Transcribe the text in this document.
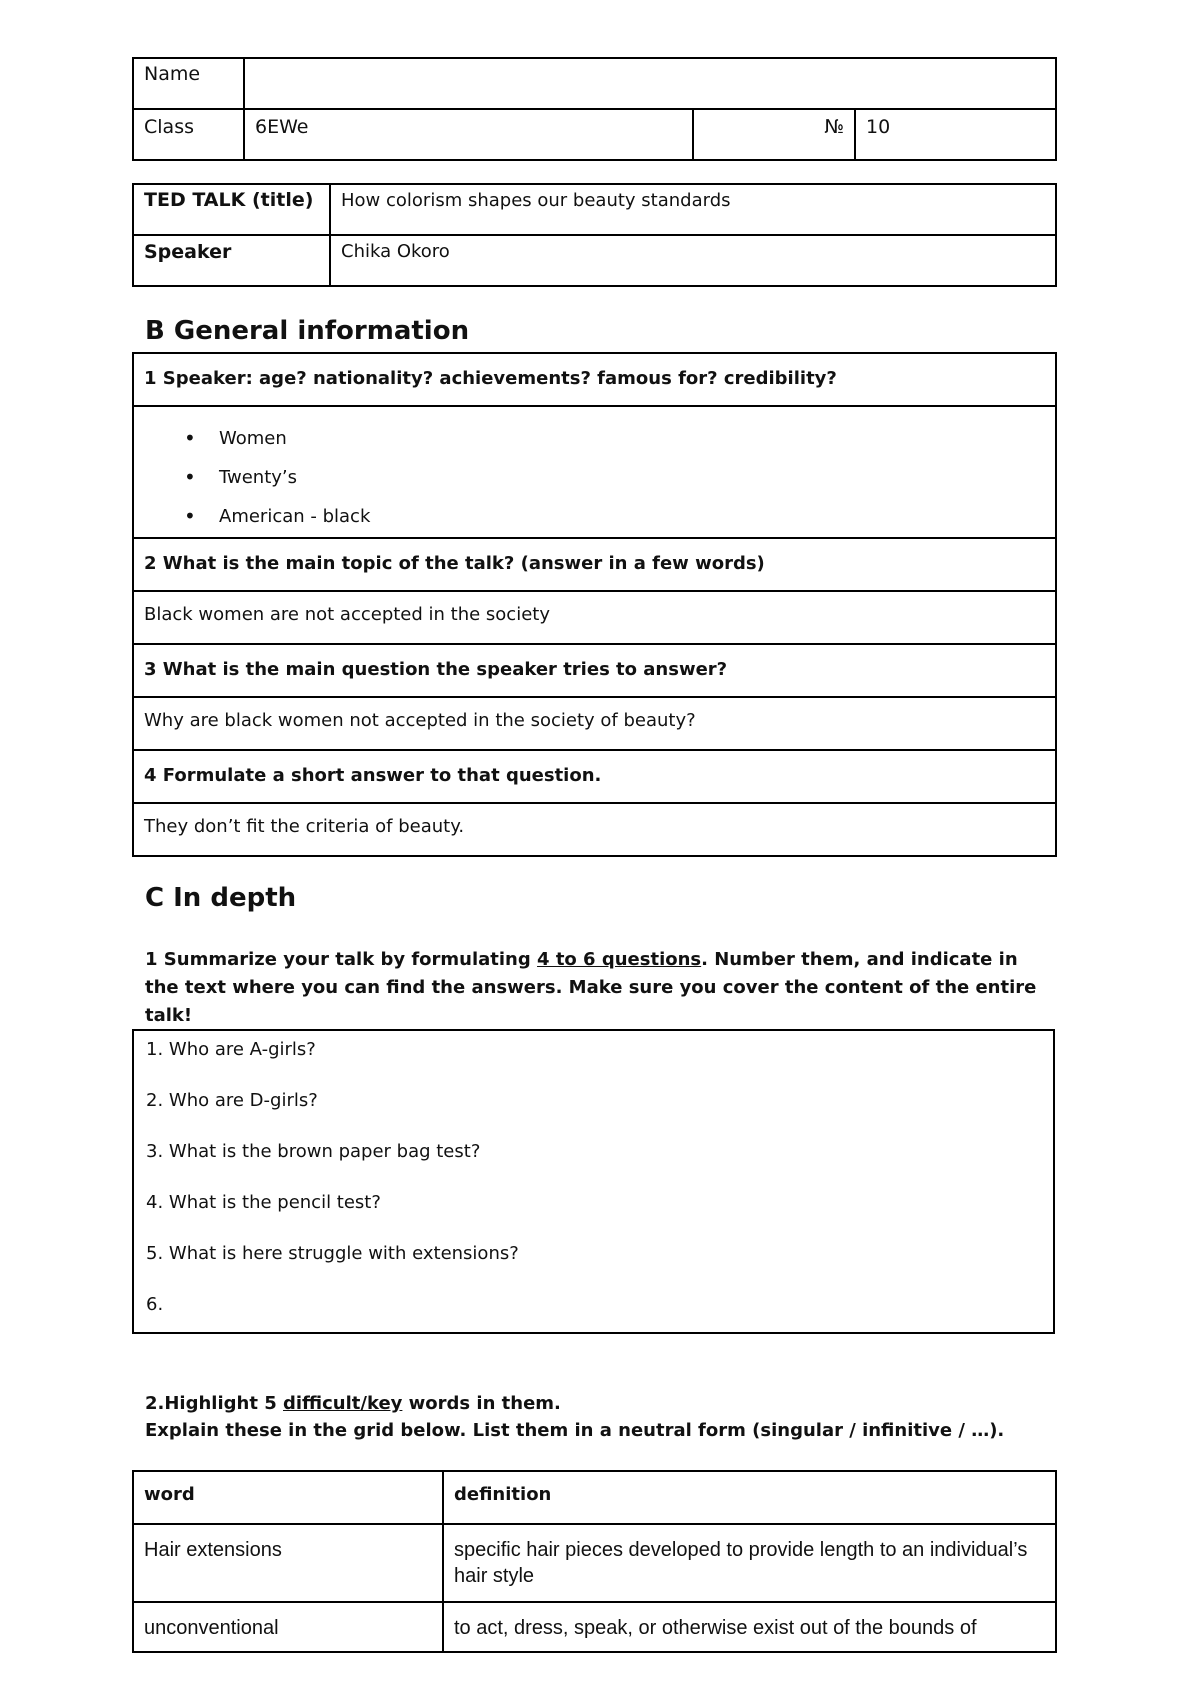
Name			
Class	6EWe	№	10
TED TALK (title)	How colorism shapes our beauty standards
Speaker	Chika Okoro
B General information
1 Speaker: age? nationality? achievements? famous for? credibility?

• Women
• Twenty’s
• American - black

2 What is the main topic of the talk? (answer in a few words)
Black women are not accepted in the society
3 What is the main question the speaker tries to answer?
Why are black women not accepted in the society of beauty?
4 Formulate a short answer to that question.
They don’t fit the criteria of beauty.
C In depth
1 Summarize your talk by formulating 4 to 6 questions. Number them, and indicate in the text where you can find the answers. Make sure you cover the content of the entire talk!
1. Who are A-girls?
2. Who are D-girls?
3. What is the brown paper bag test?
4. What is the pencil test?
5. What is here struggle with extensions?
6.
2.Highlight 5 difficult/key words in them.
Explain these in the grid below. List them in a neutral form (singular / infinitive / …).
word	definition
Hair extensions	specific hair pieces developed to provide length to an individual’s hair style
unconventional	to act, dress, speak, or otherwise exist out of the bounds of
